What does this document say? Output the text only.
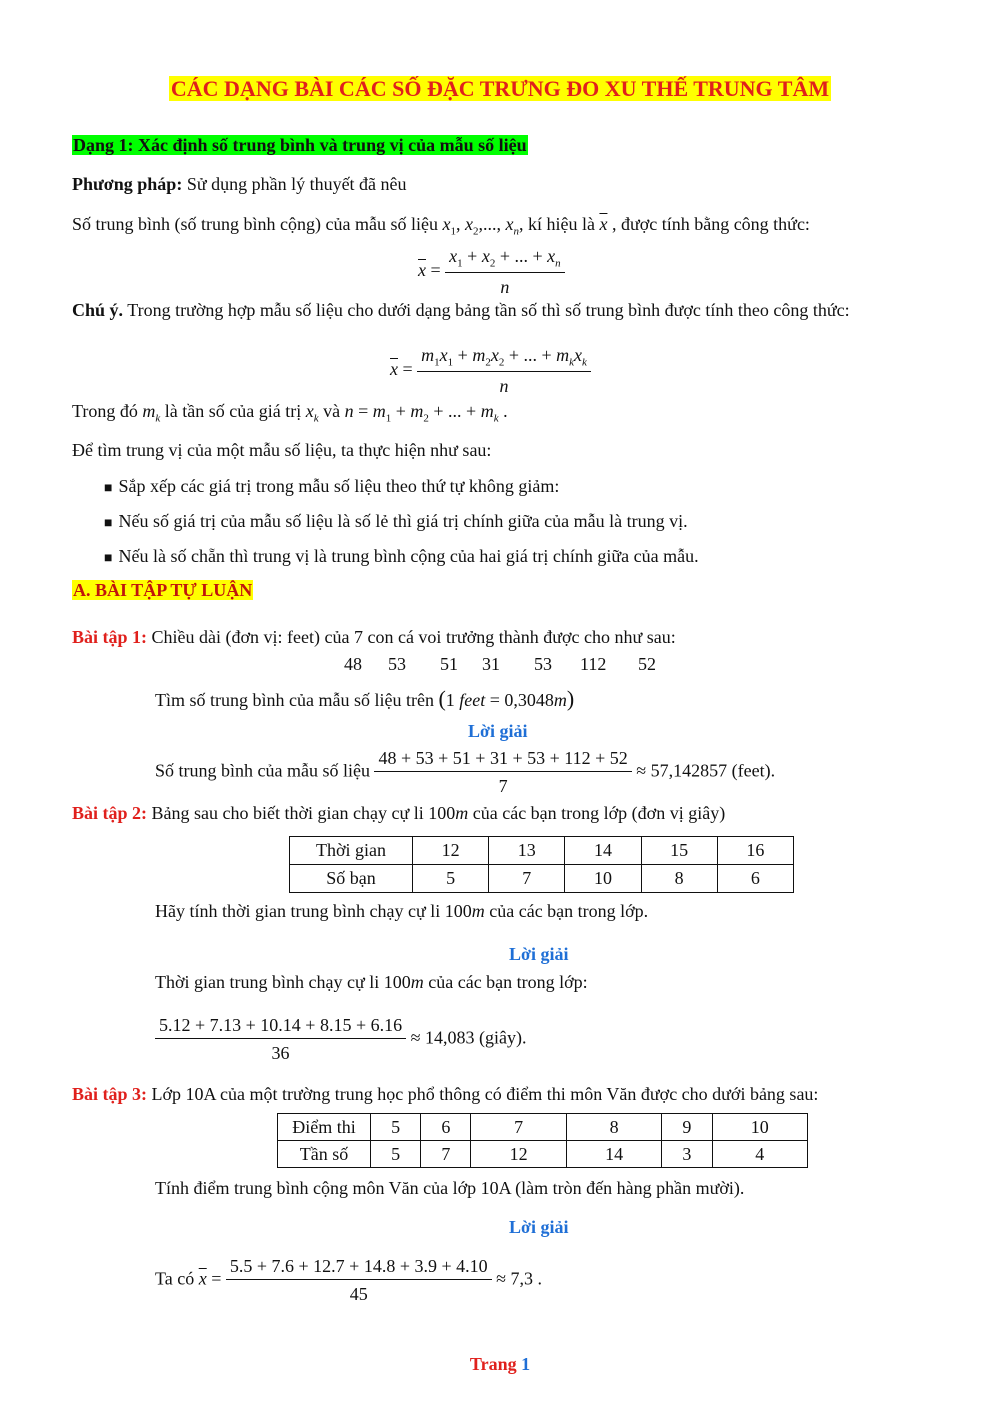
CÁC DẠNG BÀI CÁC SỐ ĐẶC TRƯNG ĐO XU THẾ TRUNG TÂM
Dạng 1: Xác định số trung bình và trung vị của mẫu số liệu
Phương pháp: Sử dụng phần lý thuyết đã nêu
Số trung bình (số trung bình cộng) của mẫu số liệu $x_1$, $x_2$,..., $x_n$, kí hiệu là $\overline{x}$ , được tính bằng công thức:
$\overline{x} = \frac{x_1 + x_2 + ... + x_n}{n}$
Chú ý. Trong trường hợp mẫu số liệu cho dưới dạng bảng tần số thì số trung bình được tính theo công thức:
$\overline{x} = \frac{m_1x_1 + m_2x_2 + ... + m_kx_k}{n}$
Trong đó $m_k$ là tần số của giá trị $x_k$ và $n = m_1 + m_2$ + ... + $m_k$ .
Để tìm trung vị của một mẫu số liệu, ta thực hiện như sau:
■ Sắp xếp các giá trị trong mẫu số liệu theo thứ tự không giảm:
■ Nếu số giá trị của mẫu số liệu là số lẻ thì giá trị chính giữa của mẫu là trung vị.
■ Nếu là số chẵn thì trung vị là trung bình cộng của hai giá trị chính giữa của mẫu.
A. BÀI TẬP TỰ LUẬN
Bài tập 1: Chiều dài (đơn vị: feet) của 7 con cá voi trưởng thành được cho như sau:
48 53 51 31 53 112 52
Tìm số trung bình của mẫu số liệu trên (1 feet = 0,3048m)
Lời giải
Số trung bình của mẫu số liệu $\frac{48 + 53 + 51 + 31 + 53 + 112 + 52}{7} \approx 57,142857$ (feet).
Bài tập 2: Bảng sau cho biết thời gian chạy cự li 100m của các bạn trong lớp (đơn vị giây)
Thời gian	12	13	14	15	16
Số bạn	5	7	10	8	6
Hãy tính thời gian trung bình chạy cự li 100m của các bạn trong lớp.
Lời giải
Thời gian trung bình chạy cự li 100m của các bạn trong lớp:
$\frac{5.12 + 7.13 + 10.14 + 8.15 + 6.16}{36} \approx 14,083$ (giây).
Bài tập 3: Lớp 10A của một trường trung học phổ thông có điểm thi môn Văn được cho dưới bảng sau:
Điểm thi	5	6	7	8	9	10
Tần số	5	7	12	14	3	4
Tính điểm trung bình cộng môn Văn của lớp 10A (làm tròn đến hàng phần mười).
Lời giải
Ta có $\overline{x} = \frac{5.5 + 7.6 + 12.7 + 14.8 + 3.9 + 4.10}{45} \approx 7,3$ .
Trang 1
